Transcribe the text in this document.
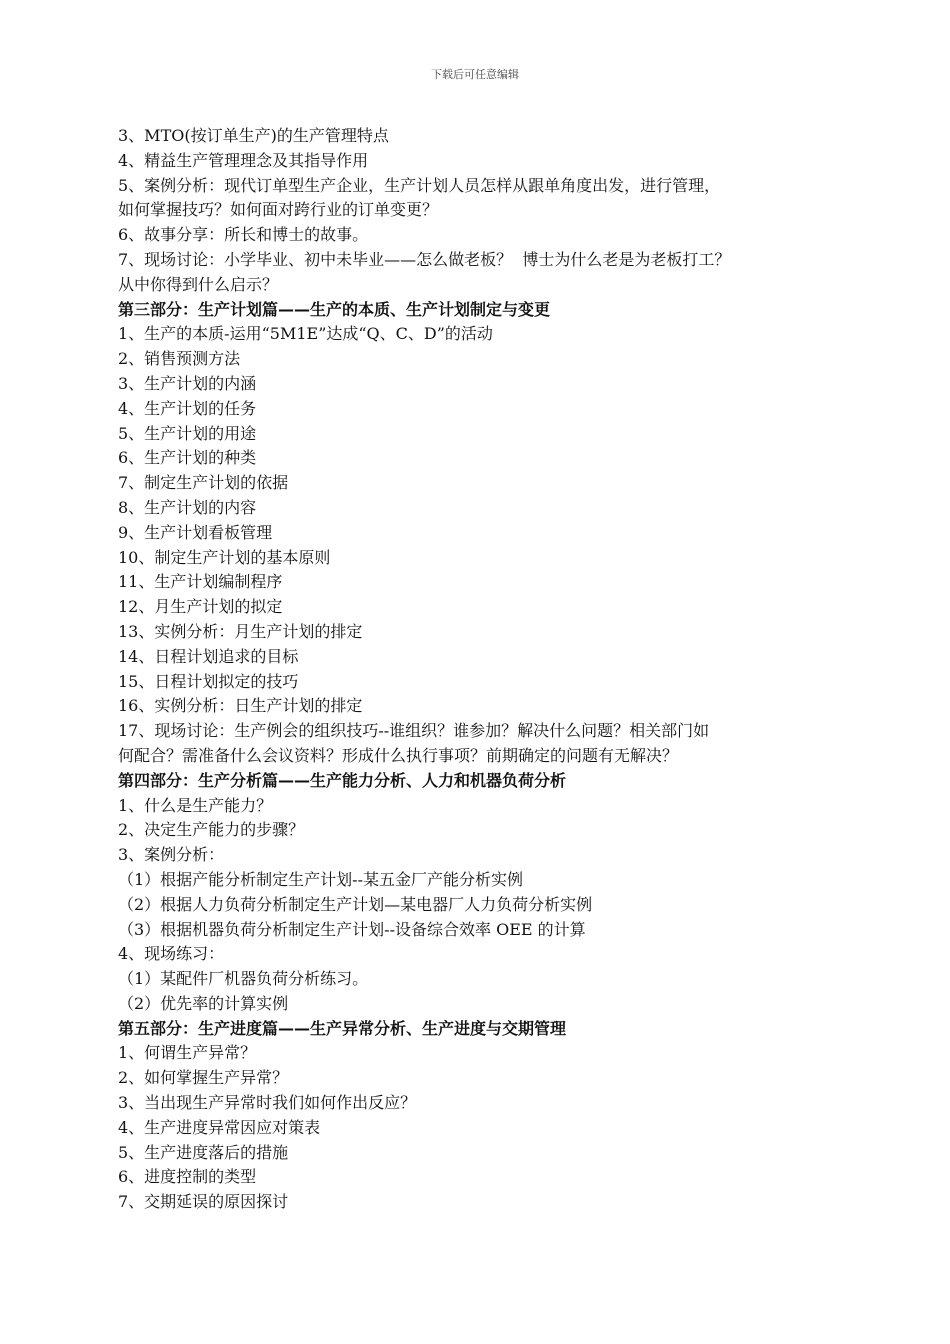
下载后可任意编辑
3、MTO(按订单生产)的生产管理特点
4、精益生产管理理念及其指导作用
5、案例分析：现代订单型生产企业，生产计划人员怎样从跟单角度出发，进行管理，
如何掌握技巧？如何面对跨行业的订单变更？
6、故事分享：所长和博士的故事。
7、现场讨论：小学毕业、初中未毕业——怎么做老板？  博士为什么老是为老板打工？
从中你得到什么启示？
第三部分：生产计划篇——生产的本质、生产计划制定与变更
1、生产的本质-运用“5M1E”达成“Q、C、D”的活动
2、销售预测方法
3、生产计划的内涵
4、生产计划的任务
5、生产计划的用途
6、生产计划的种类
7、制定生产计划的依据
8、生产计划的内容
9、生产计划看板管理
10、制定生产计划的基本原则
11、生产计划编制程序
12、月生产计划的拟定
13、实例分析：月生产计划的排定
14、日程计划追求的目标
15、日程计划拟定的技巧
16、实例分析：日生产计划的排定
17、现场讨论：生产例会的组织技巧--谁组织？谁参加？解决什么问题？相关部门如
何配合？需准备什么会议资料？形成什么执行事项？前期确定的问题有无解决？
第四部分：生产分析篇——生产能力分析、人力和机器负荷分析
1、什么是生产能力？
2、决定生产能力的步骤？
3、案例分析：
（1）根据产能分析制定生产计划--某五金厂产能分析实例
（2）根据人力负荷分析制定生产计划—某电器厂人力负荷分析实例
（3）根据机器负荷分析制定生产计划--设备综合效率 OEE 的计算
4、现场练习：
（1）某配件厂机器负荷分析练习。
（2）优先率的计算实例
第五部分：生产进度篇——生产异常分析、生产进度与交期管理
1、何谓生产异常？
2、如何掌握生产异常？
3、当出现生产异常时我们如何作出反应？
4、生产进度异常因应对策表
5、生产进度落后的措施
6、进度控制的类型
7、交期延误的原因探讨
